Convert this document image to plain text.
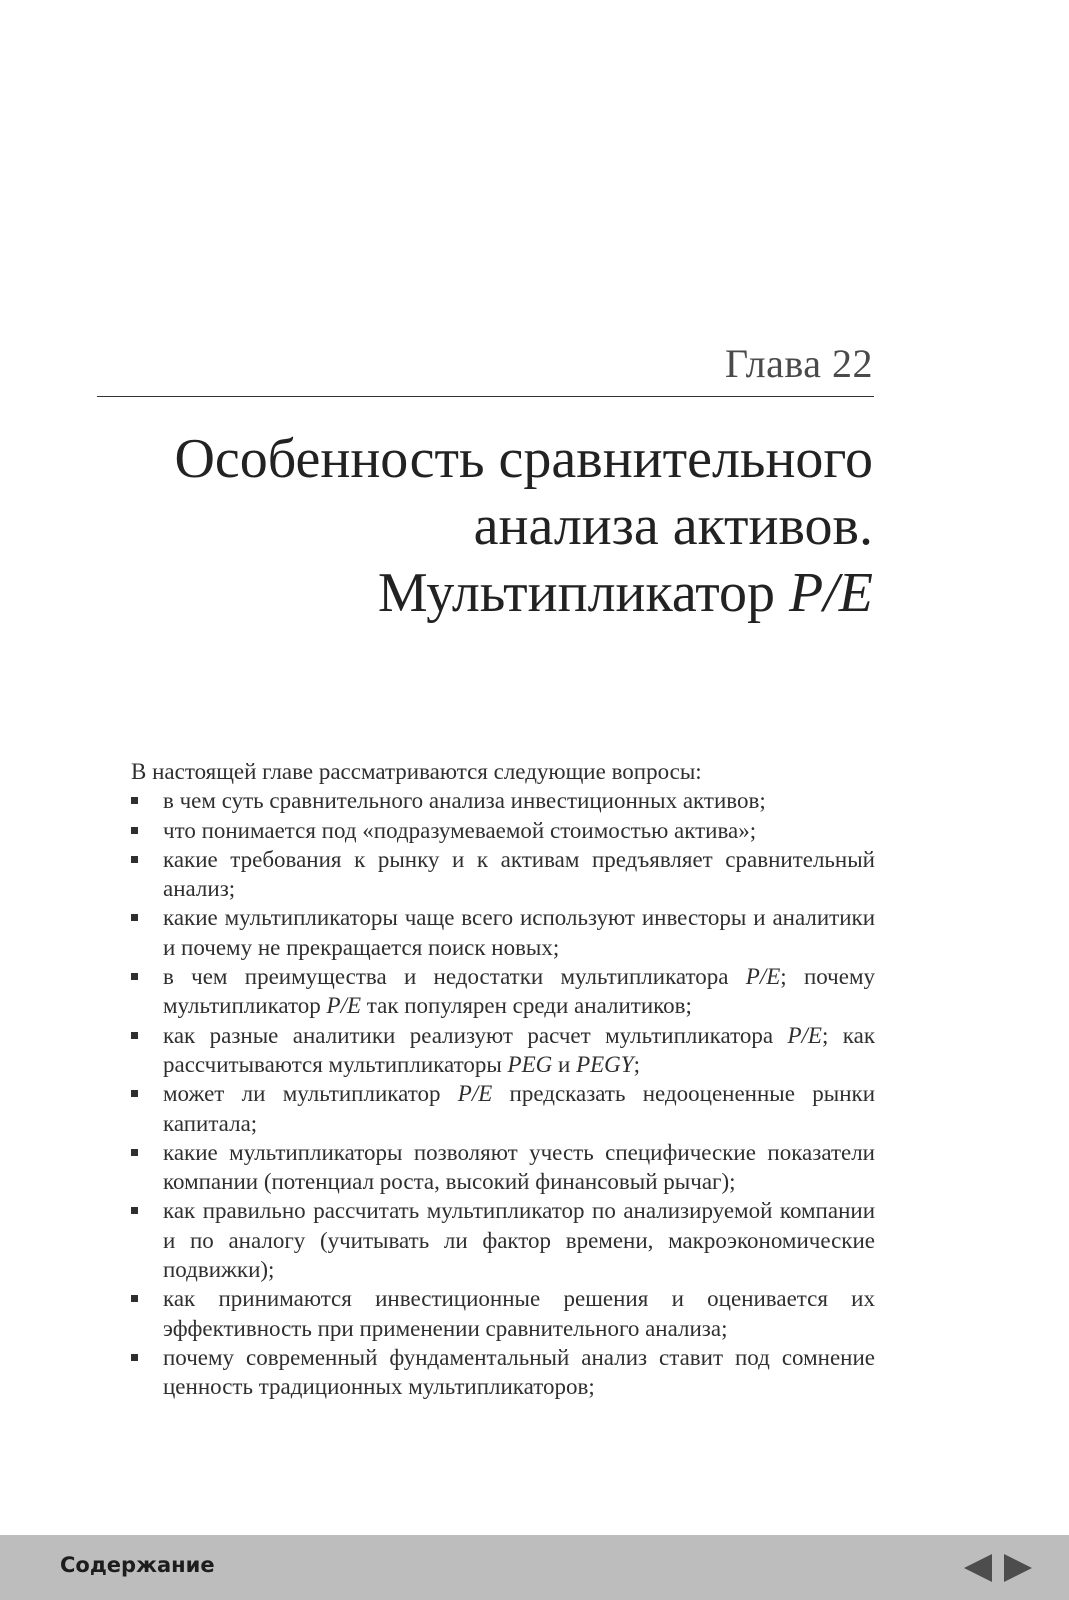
Глава 22
Особенность сравнительного
анализа активов.
Мультипликатор P/E

В настоящей главе рассматриваются следующие вопросы:

в чем суть сравнительного анализа инвестиционных активов;
что понимается под «подразумеваемой стоимостью актива»;
какие требования к рынку и к активам предъявляет сравнительный анализ;
какие мультипликаторы чаще всего используют инвесторы и аналитики и почему не прекращается поиск новых;
в чем преимущества и недостатки мультипликатора P/E; почему мультипликатор P/E так популярен среди аналитиков;
как разные аналитики реализуют расчет мультипликатора P/E; как рассчитываются мультипликаторы PEG и PEGY;
может ли мультипликатор P/E предсказать недооцененные рынки капитала;
какие мультипликаторы позволяют учесть специфические показатели компании (потенциал роста, высокий финансовый рычаг);
как правильно рассчитать мультипликатор по анализируемой компании и по аналогу (учитывать ли фактор времени, макроэкономические подвижки);
как принимаются инвестиционные решения и оценивается их эффективность при применении сравнительного анализа;
почему современный фундаментальный анализ ставит под сомнение ценность традиционных мультипликаторов;
Содержание
